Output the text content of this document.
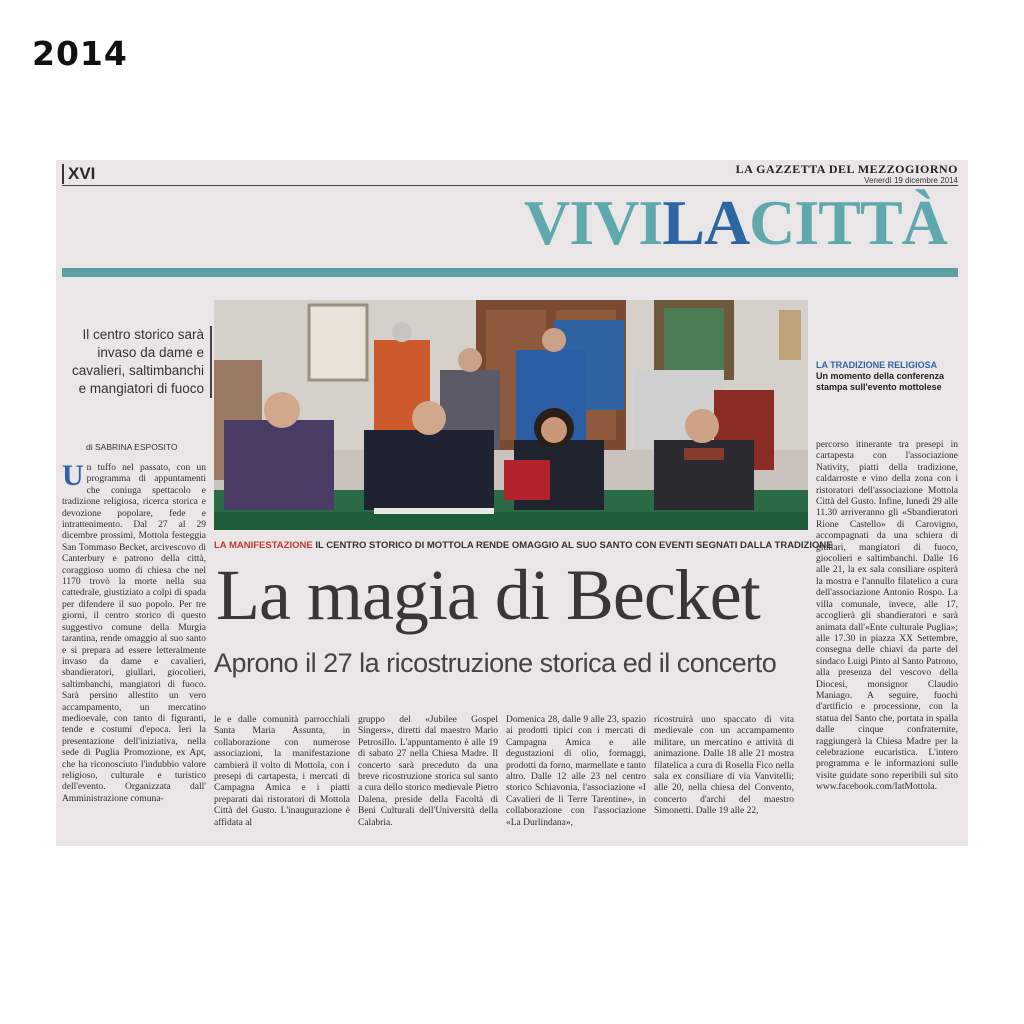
2014
XVI	LA GAZZETTA DEL MEZZOGIORNO
Venerdì 19 dicembre 2014
VIVILACITTÀ
Il centro storico sarà invaso da dame e cavalieri, saltimbanchi e mangiatori di fuoco
di SABRINA ESPOSITO
LA TRADIZIONE RELIGIOSA
Un momento della conferenza stampa sull'evento mottolese
LA MANIFESTAZIONE IL CENTRO STORICO DI MOTTOLA RENDE OMAGGIO AL SUO SANTO CON EVENTI SEGNATI DALLA TRADIZIONE
La magia di Becket
Aprono il 27 la ricostruzione storica ed il concerto
Un tuffo nel passato, con un programma di appuntamenti che coniuga spettacolo e tradizione religiosa, ricerca storica e devozione popolare, fede e intrattenimento. Dal 27 al 29 dicembre prossimi, Mottola festeggia San Tommaso Becket, arcivescovo di Canterbury e patrono della città, coraggioso uomo di chiesa che nel 1170 trovò la morte nella sua cattedrale, giustiziato a colpi di spada per difendere il suo popolo. Per tre giorni, il centro storico di questo suggestivo comune della Murgia tarantina, rende omaggio al suo santo e si prepara ad essere letteralmente invaso da dame e cavalieri, sbandieratori, giullari, giocolieri, saltimbanchi, mangiatori di fuoco. Sarà persino allestito un vero accampamento, un mercatino medioevale, con tanto di figuranti, tende e costumi d'epoca. Ieri la presentazione dell'iniziativa, nella sede di Puglia Promozione, ex Apt, che ha riconosciuto l'indubbio valore religioso, culturale e turistico dell'evento. Organizzata dall' Amministrazione comuna-
le e dalle comunità parrocchiali Santa Maria Assunta, in collaborazione con numerose associazioni, la manifestazione cambierà il volto di Mottola, con i presepi di cartapesta, i mercati di Campagna Amica e i piatti preparati dai ristoratori di Mottola Città del Gusto. L'inaugurazione è affidata al
gruppo del «Jubilee Gospel Singers», diretti dal maestro Mario Petrosillo. L'appuntamento è alle 19 di sabato 27 nella Chiesa Madre. Il concerto sarà preceduto da una breve ricostruzione storica sul santo a cura dello storico medievale Pietro Dalena, preside della Facoltà di Beni Culturali dell'Università della Calabria.
Domenica 28, dalle 9 alle 23, spazio ai prodotti tipici con i mercati di Campagna Amica e alle degustazioni di olio, formaggi, prodotti da forno, marmellate e tanto altro. Dalle 12 alle 23 nel centro storico Schiavonia, l'associazione «I Cavalieri de li Terre Tarentine», in collaborazione con l'associazione «La Durlindana»,
ricostruirà uno spaccato di vita medievale con un accampamento militare, un mercatino e attività di animazione. Dalle 18 alle 21 mostra filatelica a cura di Rosella Fico nella sala ex consiliare di via Vanvitelli; alle 20, nella chiesa del Convento, concerto d'archi del maestro Simonetti. Dalle 19 alle 22,
percorso itinerante tra presepi in cartapesta con l'associazione Nativity, piatti della tradizione, caldarroste e vino della zona con i ristoratori dell'associazione Mottola Città del Gusto. Infine, lunedì 29 alle 11.30 arriveranno gli «Sbandieratori Rione Castello» di Carovigno, accompagnati da una schiera di giullari, mangiatori di fuoco, giocolieri e saltimbanchi. Dalle 16 alle 21, la ex sala consiliare ospiterà la mostra e l'annullo filatelico a cura dell'associazione Antonio Rospo. La villa comunale, invece, alle 17, accoglierà gli sbandieratori e sarà animata dall'«Ente culturale Puglia»; alle 17.30 in piazza XX Settembre, consegna delle chiavi da parte del sindaco Luigi Pinto al Santo Patrono, alla presenza del vescovo della Diocesi, monsignor Claudio Maniago. A seguire, fuochi d'artificio e processione, con la statua del Santo che, portata in spalla dalle cinque confraternite, raggiungerà la Chiesa Madre per la celebrazione eucaristica. L'intero programma e le informazioni sulle visite guidate sono reperibili sul sito www.facebook.com/IatMottola.
